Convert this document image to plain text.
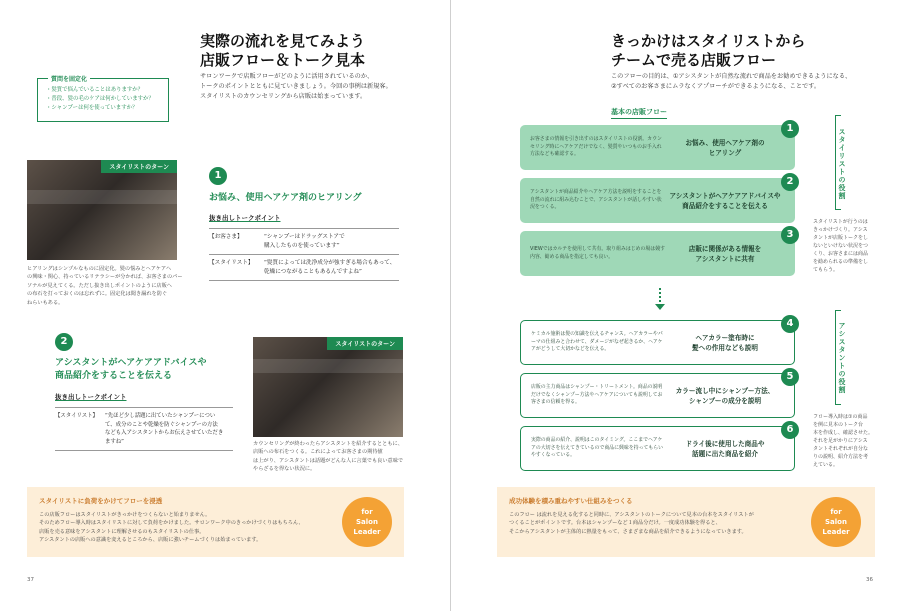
実際の流れを見てみよう
店販フロー＆トーク見本
サロンワークで店販フローがどのように活用されているのか、
トークのポイントとともに見ていきましょう。今回の事例は新規客。
スタイリストのカウンセリングから店販は始まっています。
質問を固定化
・髪質で悩んでいることはありますか？
・普段、髪の毛のケアは何かしていますか？
・シャンプーは何を使っていますか？
スタイリストのターン
ヒアリングはシンプルなものに固定化。髪の悩みとヘアケアへ
の興味・関心、持っているリテラシーが分かれば、お客さまのパー
ソナルが見えてくる。ただし抜き出しポイントのように店販へ
の布石を打っておくのは忘れずに。固定化は聞き漏れを防ぐ
ねらいもある。
1
お悩み、使用ヘアケア剤のヒアリング
抜き出しトークポイント
【お客さま】	“シャンプーはドラッグストアで
購入したものを使っています”
【スタイリスト】	“髪質によっては洗浄成分が強すぎる場合もあって、
乾燥につながることもあるんですよね”
2
アシスタントがヘアケアアドバイスや
商品紹介をすることを伝える
抜き出しトークポイント
【スタイリスト】	“先ほど少し話題に出ていたシャンプーについ
て、成分のことや乾燥を防ぐシャンプーの方法
なども入アシスタントからお伝えさせていただき
ますね”
スタイリストのターン
カウンセリングが終わったらアシスタントを紹介するとともに、
店販への布石をつくる。これによってお客さまの期待値
は上がり、アシスタントは話題がどんな人に言葉でも良い意味で
やらざるを得ない状況に。
スタイリストに負荷をかけてフローを浸透
この店販フローはスタイリストがきっかけをつくらないと始まりません。
そのためフロー導入時はスタイリストに対して負荷をかけました。サロンワーク中のきっかけづくりはもちろん、
店販を売る意味をアシスタントに理解させるのもスタイリストの仕事。
アシスタントの店販への意識を変えるところから、店販に強いチームづくりは始まっています。
for
Salon
Leader
37
きっかけはスタイリストから
チームで売る店販フロー
このフローの目的は、①アシスタントが自然な流れで商品をお勧めできるようになる、
②すべてのお客さまにムラなくアプローチができるようになる、ことです。
基本の店販フロー
お客さまの情報を引き出すのはスタイリストの役割。カウンセリング時にヘアケアだけでなく、髪質やいつものお手入れ方法なども確認する。
お悩み、使用ヘアケア剤の
ヒアリング
1
アシスタントが商品紹介やヘアケア方法を説明をすることを自然の流れに組み込むことで、アシスタントが話しやすい状況をつくる。
アシスタントがヘアケアアドバイスや
商品紹介をすることを伝える
2
VIEWではカルテを使用して共有。取り組みはじめの場は競す内容、勧める商品を指定しても良い。
店販に関係がある情報を
アシスタントに共有
3
ケミカル施術は髪の知識を伝えるチャンス。ヘアカラーやパーマの仕組みと合わせて、ダメージがなぜ起きるか、ヘアケアがどうして大切かなどを伝える。
ヘアカラー塗布時に
髪への作用なども説明
4
店販の主力商品はシャンプー・トリートメント。商品の説明だけでなくシャンプー方法やヘアケアについても説明してお客さまの信頼を得る。
カラー流し中にシャンプー方法、
シャンプーの成分を説明
5
実際の商品の紹介、説明はこのタイミング。ここまでヘアケアの大切さを伝えてきているので商品に興味を持ってもらいやすくなっている。
ドライ後に使用した商品や
話題に出た商品を紹介
6
スタイリストの役割
スタイリストが行うのは
きっかけづくり。アシス
タントが店販トークをし
ないといけない状況をつ
くり、お客さまには商品
を勧められるの準備をし
てもらう。
アシスタントの役割
フロー導入時は①の商品
を例に見本のトーク台
本を作成し、確認させた。
それを足がかりにアシス
タントそれぞれが自分な
りの説明、紹介方法を考
えている。
成功体験を積み重ねやすい仕組みをつくる
このフロー は流れを見える化すると同時に、アシスタントのトークについて見本の台本をスタイリストが
つくることがポイントです。台本はシャンプーなど１商品分だけ。一度成功体験を得ると、
そこからアシスタントが主体的に熱量をもって、さまざまな商品を紹介できるようになっていきます。
for
Salon
Leader
36
